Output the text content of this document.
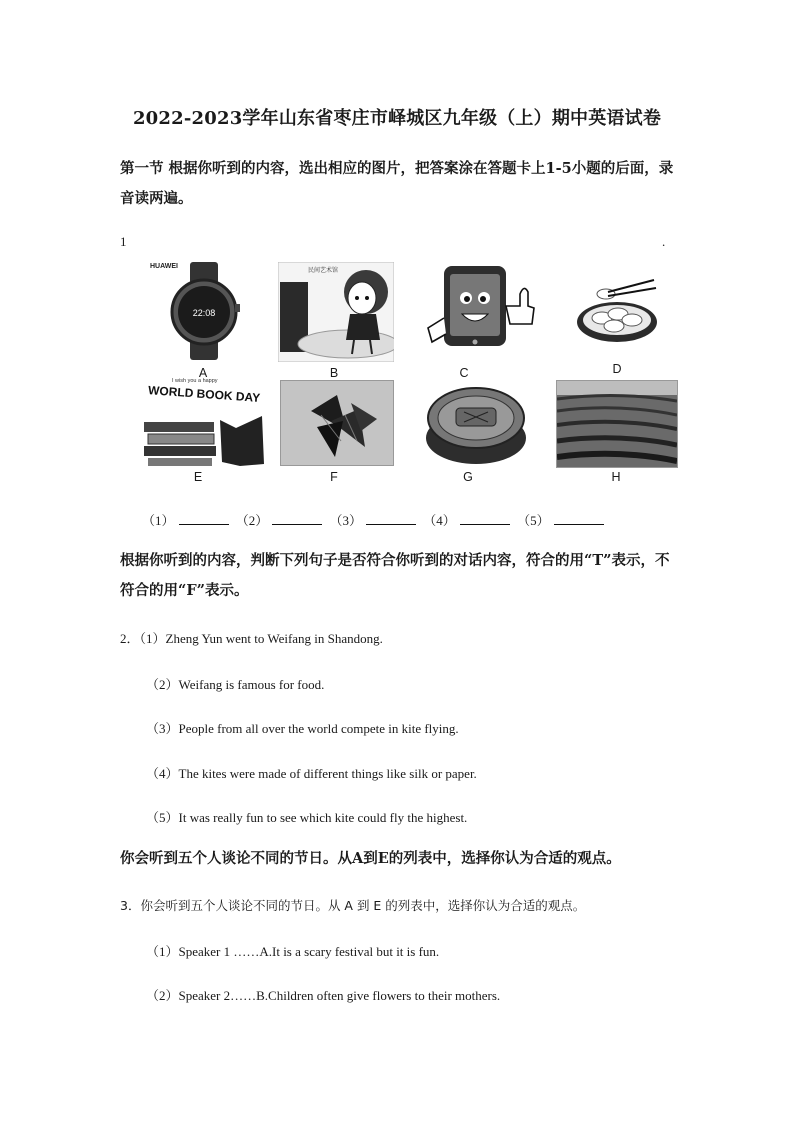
2022-2023学年山东省枣庄市峄城区九年级（上）期中英语试卷
第一节 根据你听到的内容，选出相应的图片，把答案涂在答题卡上1-5小题的后面，录音读两遍。
1	.
HUAWEI
22:08
A
民间艺术馆
B	C	D
I wish you a happy
WORLD BOOK DAY
E	F	G	H
（1）	（2）	（3）	（4）	（5）
根据你听到的内容，判断下列句子是否符合你听到的对话内容，符合的用“T”表示，不符合的用“F”表示。
2．（1）Zheng Yun went to Weifang in Shandong.
（2）Weifang is famous for food.
（3）People from all over the world compete in kite flying.
（4）The kites were made of different things like silk or paper.
（5）It was really fun to see which kite could fly the highest.
你会听到五个人谈论不同的节日。从A到E的列表中，选择你认为合适的观点。
3．你会听到五个人谈论不同的节日。从 A 到 E 的列表中，选择你认为合适的观点。
（1）Speaker 1 ……A.It is a scary festival but it is fun.
（2）Speaker 2……B.Children often give flowers to their mothers.
